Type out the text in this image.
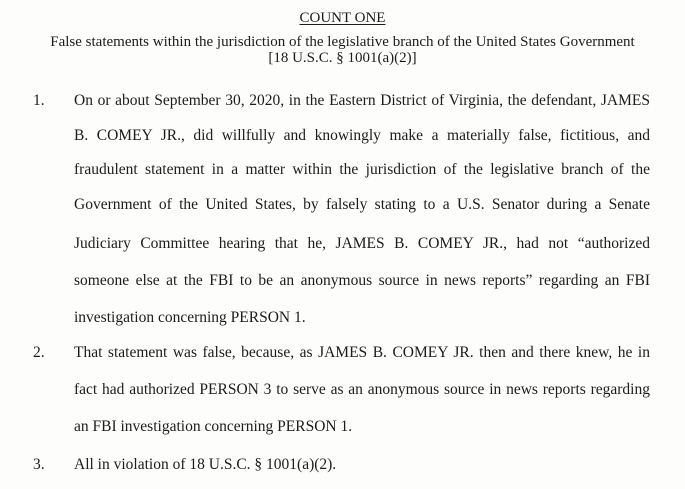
COUNT ONE
False statements within the jurisdiction of the legislative branch of the United States Government
[18 U.S.C. § 1001(a)(2)]
1. On or about September 30, 2020, in the Eastern District of Virginia, the defendant, JAMES
B. COMEY JR., did willfully and knowingly make a materially false, fictitious, and
fraudulent statement in a matter within the jurisdiction of the legislative branch of the
Government of the United States, by falsely stating to a U.S. Senator during a Senate
Judiciary Committee hearing that he, JAMES B. COMEY JR., had not “authorized
someone else at the FBI to be an anonymous source in news reports” regarding an FBI
investigation concerning PERSON 1.
2. That statement was false, because, as JAMES B. COMEY JR. then and there knew, he in
fact had authorized PERSON 3 to serve as an anonymous source in news reports regarding
an FBI investigation concerning PERSON 1.
3. All in violation of 18 U.S.C. § 1001(a)(2).
